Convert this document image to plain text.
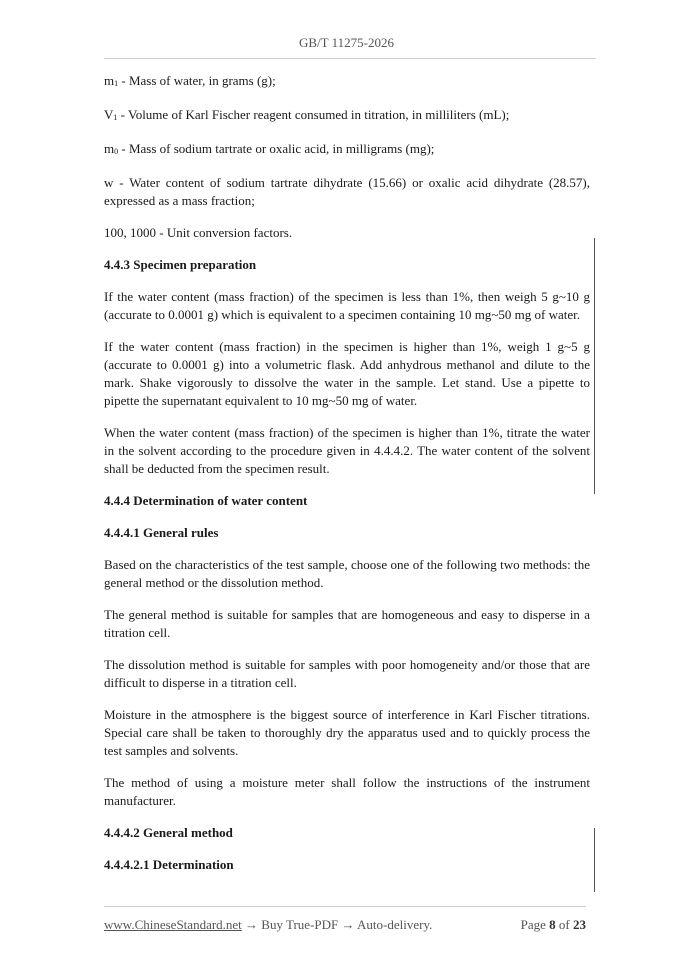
GB/T 11275-2026

$m_1$ - Mass of water, in grams (g);

$V_1$ - Volume of Karl Fischer reagent consumed in titration, in milliliters (mL);

$m_0$ - Mass of sodium tartrate or oxalic acid, in milligrams (mg);

w - Water content of sodium tartrate dihydrate (15.66) or oxalic acid dihydrate (28.57), expressed as a mass fraction;

100, 1000 - Unit conversion factors.

4.4.3 Specimen preparation

If the water content (mass fraction) of the specimen is less than 1%, then weigh 5 g~10 g (accurate to 0.0001 g) which is equivalent to a specimen containing 10 mg~50 mg of water.

If the water content (mass fraction) in the specimen is higher than 1%, weigh 1 g~5 g (accurate to 0.0001 g) into a volumetric flask. Add anhydrous methanol and dilute to the mark. Shake vigorously to dissolve the water in the sample. Let stand. Use a pipette to pipette the supernatant equivalent to 10 mg~50 mg of water.

When the water content (mass fraction) of the specimen is higher than 1%, titrate the water in the solvent according to the procedure given in 4.4.4.2. The water content of the solvent shall be deducted from the specimen result.

4.4.4 Determination of water content
4.4.4.1 General rules

Based on the characteristics of the test sample, choose one of the following two methods: the general method or the dissolution method.

The general method is suitable for samples that are homogeneous and easy to disperse in a titration cell.

The dissolution method is suitable for samples with poor homogeneity and/or those that are difficult to disperse in a titration cell.

Moisture in the atmosphere is the biggest source of interference in Karl Fischer titrations. Special care shall be taken to thoroughly dry the apparatus used and to quickly process the test samples and solvents.

The method of using a moisture meter shall follow the instructions of the instrument manufacturer.

4.4.4.2 General method
4.4.4.2.1 Determination
www.ChineseStandard.net → Buy True-PDF → Auto-delivery.	Page 8 of 23
